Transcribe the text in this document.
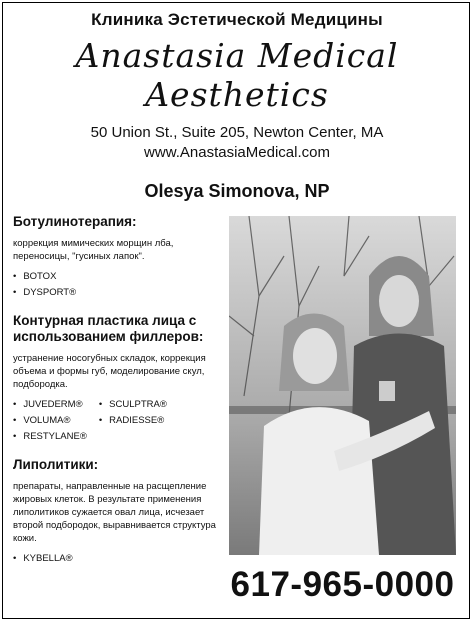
Клиника Эстетической Медицины
Anastasia Medical Aesthetics
50 Union St., Suite 205, Newton Center, MA
www.AnastasiaMedical.com
Olesya Simonova, NP
Ботулинотерапия:
коррекция мимических морщин лба, переносицы, "гусиных лапок".
• BOTOX
• DYSPORT®
Контурная пластика лица с использованием филлеров:
устранение носогубных складок, коррекция объема и формы губ, моделирование скул, подбородка.
• JUVEDERM®
• VOLUMA®
• RESTYLANE®
• SCULPTRA®
• RADIESSE®
Липолитики:
препараты, направленные на расщепление жировых клеток. В результате применения липолитиков сужается овал лица, исчезает второй подбородок, выравнивается структура кожи.
• KYBELLA®
617-965-0000
